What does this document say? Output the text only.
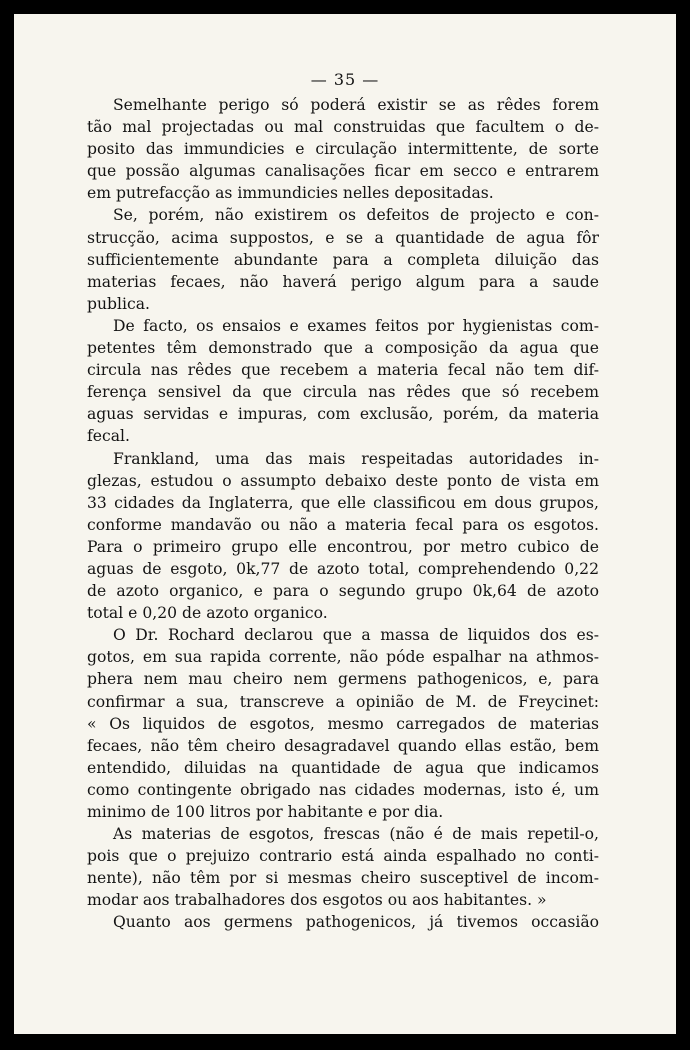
— 35 —
Semelhante perigo só poderá existir se as rêdes forem
tão mal projectadas ou mal construidas que facultem o de-
posito das immundicies e circulação intermittente, de sorte
que possão algumas canalisações ficar em secco e entrarem
em putrefacção as immundicies nelles depositadas.
Se, porém, não existirem os defeitos de projecto e con-
strucção, acima suppostos, e se a quantidade de agua fôr
sufficientemente abundante para a completa diluição das
materias fecaes, não haverá perigo algum para a saude
publica.
De facto, os ensaios e exames feitos por hygienistas com-
petentes têm demonstrado que a composição da agua que
circula nas rêdes que recebem a materia fecal não tem dif-
ferença sensivel da que circula nas rêdes que só recebem
aguas servidas e impuras, com exclusão, porém, da materia
fecal.
Frankland, uma das mais respeitadas autoridades in-
glezas, estudou o assumpto debaixo deste ponto de vista em
33 cidades da Inglaterra, que elle classificou em dous grupos,
conforme mandavão ou não a materia fecal para os esgotos.
Para o primeiro grupo elle encontrou, por metro cubico de
aguas de esgoto, 0k,77 de azoto total, comprehendendo 0,22
de azoto organico, e para o segundo grupo 0k,64 de azoto
total e 0,20 de azoto organico.
O Dr. Rochard declarou que a massa de liquidos dos es-
gotos, em sua rapida corrente, não póde espalhar na athmos-
phera nem mau cheiro nem germens pathogenicos, e, para
confirmar a sua, transcreve a opinião de M. de Freycinet:
« Os liquidos de esgotos, mesmo carregados de materias
fecaes, não têm cheiro desagradavel quando ellas estão, bem
entendido, diluidas na quantidade de agua que indicamos
como contingente obrigado nas cidades modernas, isto é, um
minimo de 100 litros por habitante e por dia.
As materias de esgotos, frescas (não é de mais repetil-o,
pois que o prejuizo contrario está ainda espalhado no conti-
nente), não têm por si mesmas cheiro susceptivel de incom-
modar aos trabalhadores dos esgotos ou aos habitantes. »
Quanto aos germens pathogenicos, já tivemos occasião
